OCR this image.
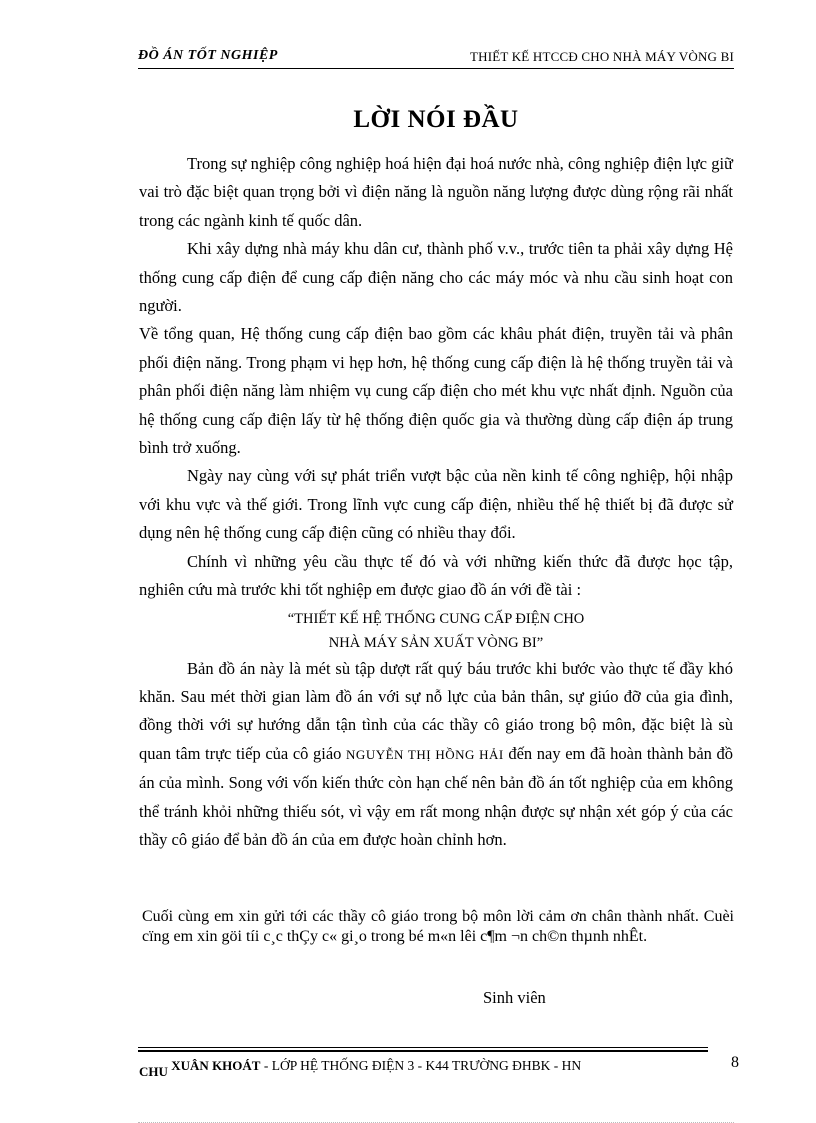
ĐỒ ÁN TỐT NGHIỆP	THIẾT KẾ HTCCĐ CHO NHÀ MÁY VÒNG BI
LỜI NÓI ĐẦU

Trong sự nghiệp công nghiệp hoá hiện đại hoá nước nhà, công nghiệp điện lực giữ vai trò đặc biệt quan trọng bởi vì điện năng là nguồn năng lượng được dùng rộng rãi nhất trong các ngành kinh tế quốc dân.

Khi xây dựng nhà máy khu dân cư, thành phố v.v., trước tiên ta phải xây dựng Hệ thống cung cấp điện để cung cấp điện năng cho các máy móc và nhu cầu sinh hoạt con người.

Về tổng quan, Hệ thống cung cấp điện bao gồm các khâu phát điện, truyền tải và phân phối điện năng. Trong phạm vi hẹp hơn, hệ thống cung cấp điện là hệ thống truyền tải và phân phối điện năng làm nhiệm vụ cung cấp điện cho mét khu vực nhất định. Nguồn của hệ thống cung cấp điện lấy từ hệ thống điện quốc gia và thường dùng cấp điện áp trung bình trở xuống.

Ngày nay cùng với sự phát triển vượt bậc của nền kinh tế công nghiệp, hội nhập với khu vực và thế giới. Trong lĩnh vực cung cấp điện, nhiều thế hệ thiết bị đã được sử dụng nên hệ thống cung cấp điện cũng có nhiều thay đổi.

Chính vì những yêu cầu thực tế đó và với những kiến thức đã được học tập, nghiên cứu mà trước khi tốt nghiệp em được giao đồ án với đề tài :

“THIẾT KẾ HỆ THỐNG CUNG CẤP ĐIỆN CHO

NHÀ MÁY SẢN XUẤT VÒNG BI”

Bản đồ án này là mét sù tập dượt rất quý báu trước khi bước vào thực tế đầy khó khăn. Sau mét thời gian làm đồ án với sự nỗ lực của bản thân, sự giúo đỡ của gia đình, đồng thời với sự hướng dẫn tận tình của các thầy cô giáo trong bộ môn, đặc biệt là sù quan tâm trực tiếp của cô giáo NGUYỄN THỊ HỒNG HẢI đến nay em đã hoàn thành bản đồ án của mình. Song với vốn kiến thức còn hạn chế nên bản đồ án tốt nghiệp của em không thể tránh khỏi những thiếu sót, vì vậy em rất mong nhận được sự nhận xét góp ý của các thầy cô giáo để bản đồ án của em được hoàn chỉnh hơn.

Cuối cùng em xin gửi tới các thầy cô giáo trong bộ môn lời cảm ơn chân thành nhất. Cuèi cïng em xin göi tíi c¸c thÇy c« gi¸o trong bé m«n lêi c¶m ¬n ch©n thµnh nhÊt.
Sinh viên
CHU XUÂN KHOÁT - LỚP HỆ THỐNG ĐIỆN 3 - K44 TRƯỜNG ĐHBK - HN	8
